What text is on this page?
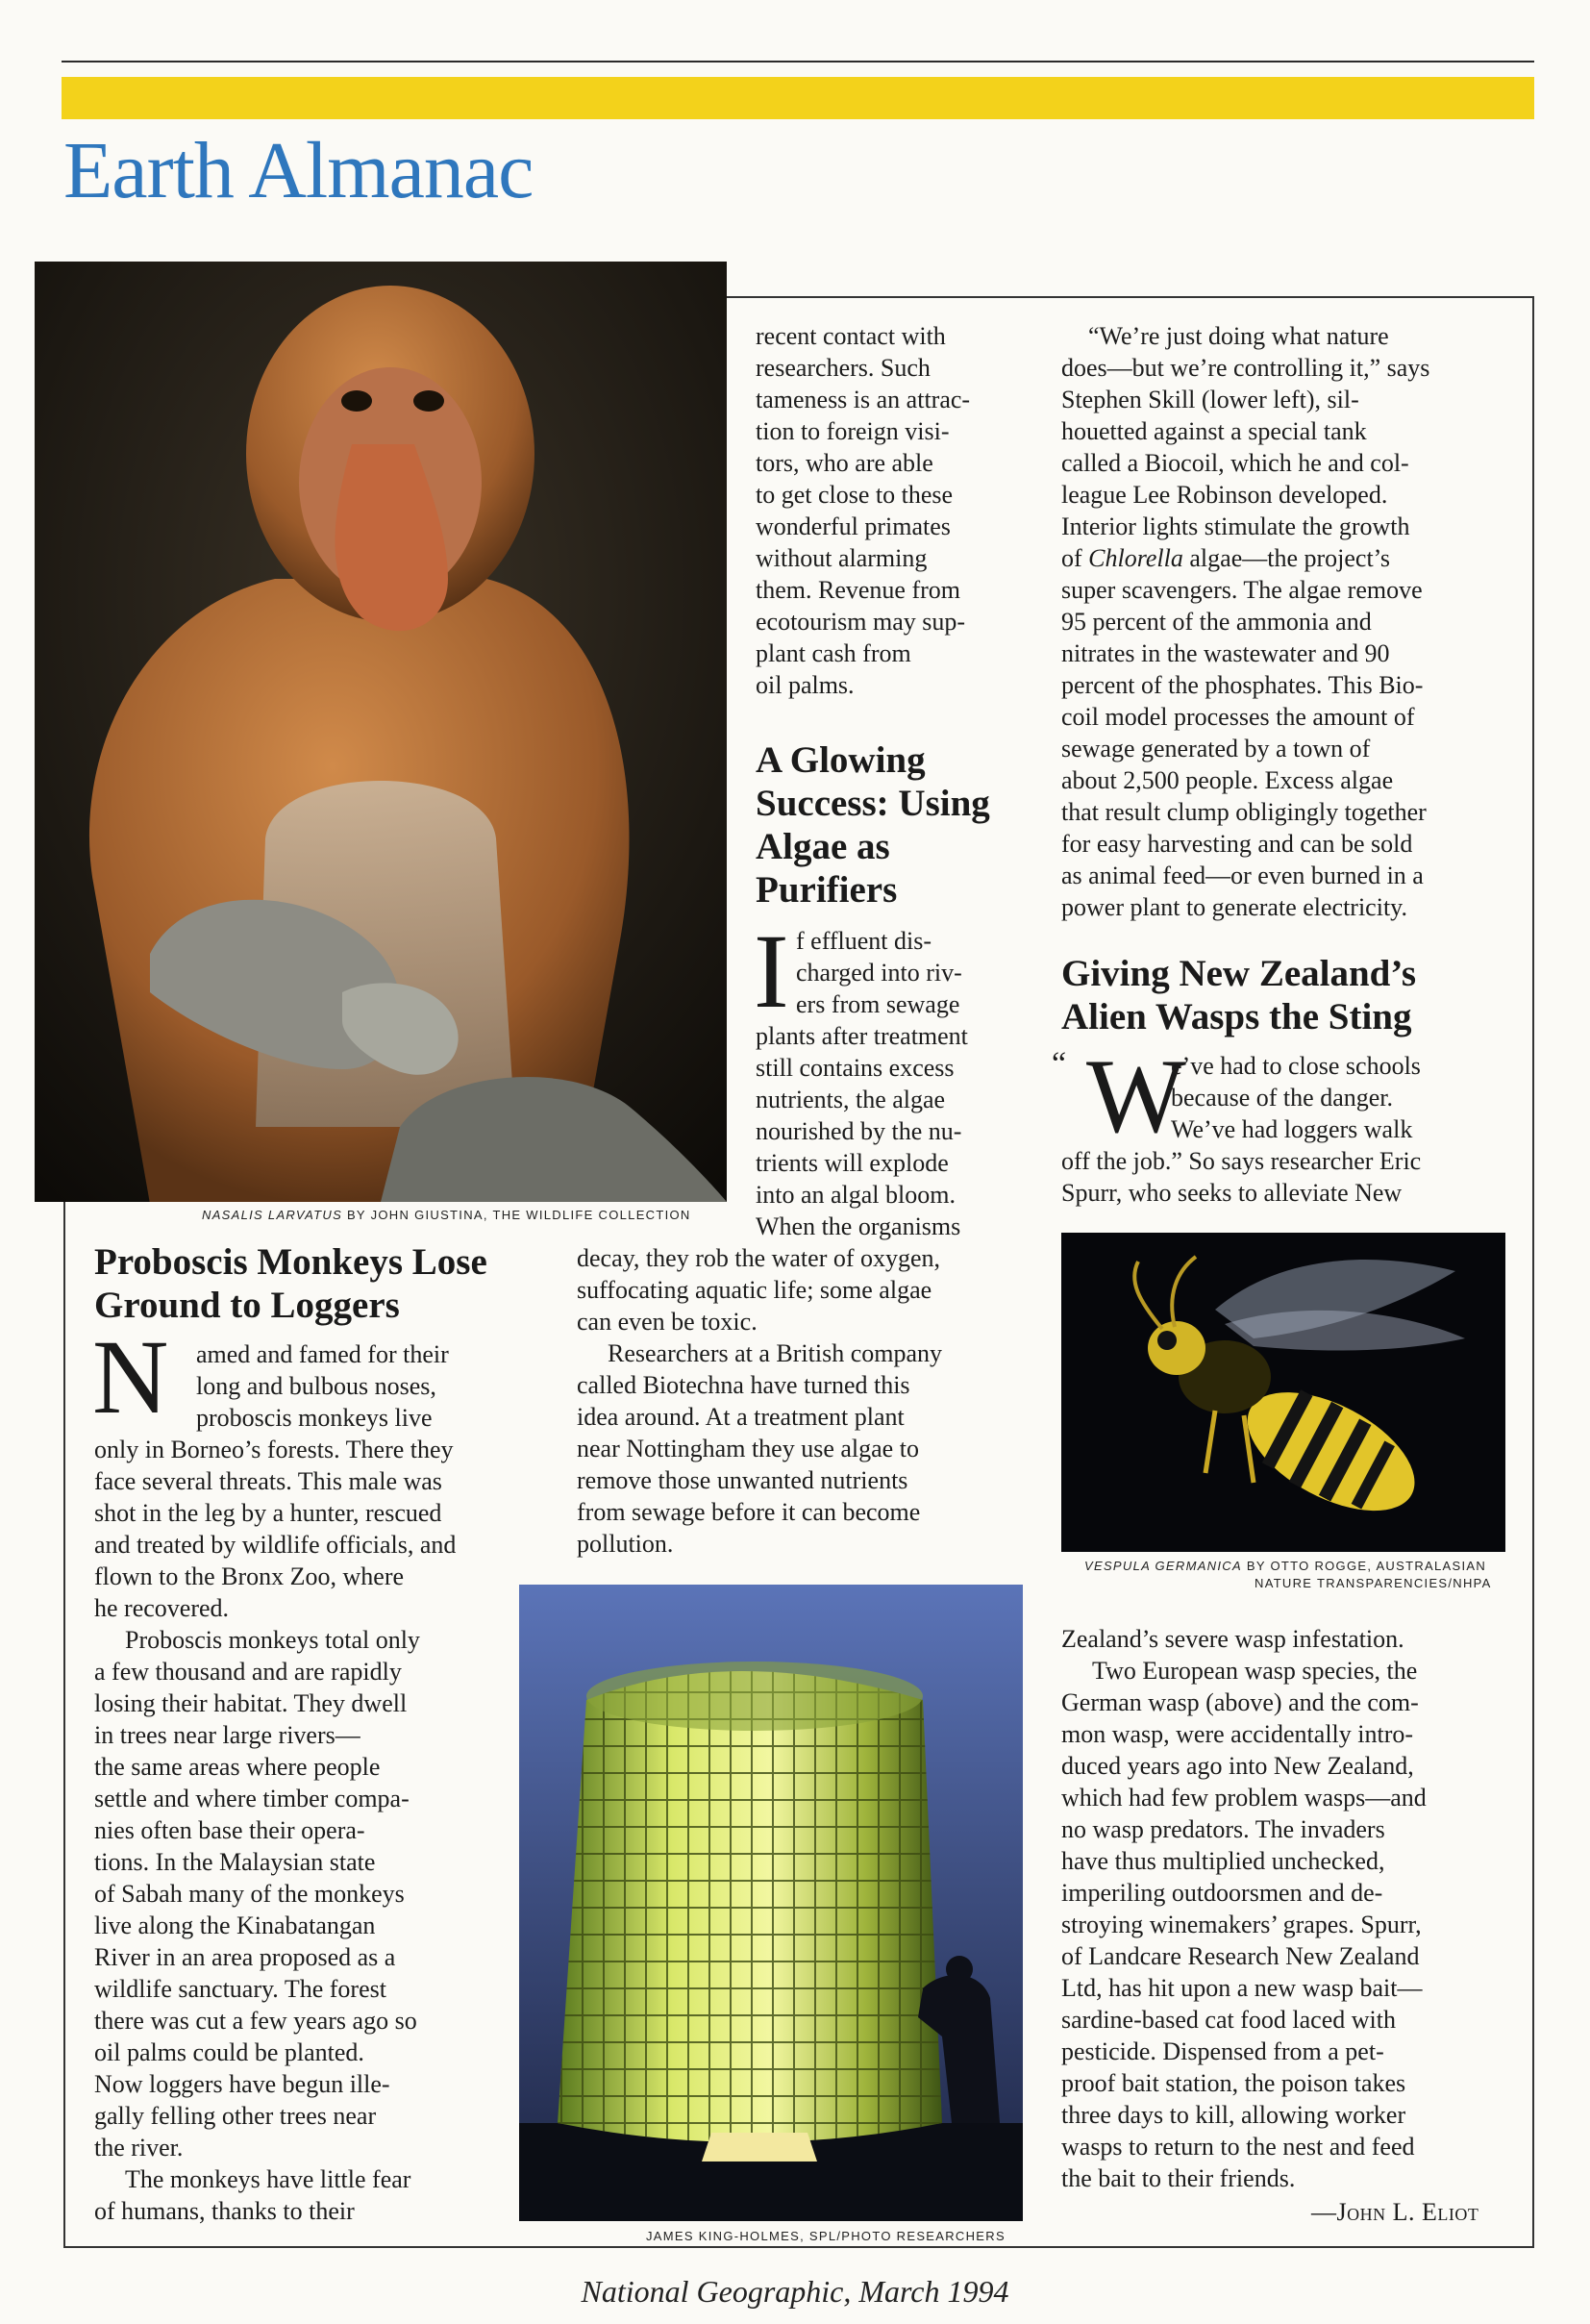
Earth Almanac
NASALIS LARVATUS BY JOHN GIUSTINA, THE WILDLIFE COLLECTION
JAMES KING-HOLMES, SPL/PHOTO RESEARCHERS
VESPULA GERMANICA BY OTTO ROGGE, AUSTRALASIAN
NATURE TRANSPARENCIES/NHPA
Proboscis Monkeys Lose
Ground to Loggers
N amed and famed for their
long and bulbous noses,
proboscis monkeys live
only in Borneo’s forests. There they
face several threats. This male was
shot in the leg by a hunter, rescued
and treated by wildlife officials, and
flown to the Bronx Zoo, where
he recovered.
Proboscis monkeys total only
a few thousand and are rapidly
losing their habitat. They dwell
in trees near large rivers—
the same areas where people
settle and where timber compa-
nies often base their opera-
tions. In the Malaysian state
of Sabah many of the monkeys
live along the Kinabatangan
River in an area proposed as a
wildlife sanctuary. The forest
there was cut a few years ago so
oil palms could be planted.
Now loggers have begun ille-
gally felling other trees near
the river.
The monkeys have little fear
of humans, thanks to their
recent contact with
researchers. Such
tameness is an attrac-
tion to foreign visi-
tors, who are able
to get close to these
wonderful primates
without alarming
them. Revenue from
ecotourism may sup-
plant cash from
oil palms.
A Glowing
Success: Using
Algae as
Purifiers
I f effluent dis-
charged into riv-
ers from sewage
plants after treatment
still contains excess
nutrients, the algae
nourished by the nu-
trients will explode
into an algal bloom.
When the organisms
decay, they rob the water of oxygen,
suffocating aquatic life; some algae
can even be toxic.
Researchers at a British company
called Biotechna have turned this
idea around. At a treatment plant
near Nottingham they use algae to
remove those unwanted nutrients
from sewage before it can become
pollution.
“We’re just doing what nature
does—but we’re controlling it,” says
Stephen Skill (lower left), sil-
houetted against a special tank
called a Biocoil, which he and col-
league Lee Robinson developed.
Interior lights stimulate the growth
of Chlorella algae—the project’s
super scavengers. The algae remove
95 percent of the ammonia and
nitrates in the wastewater and 90
percent of the phosphates. This Bio-
coil model processes the amount of
sewage generated by a town of
about 2,500 people. Excess algae
that result clump obligingly together
for easy harvesting and can be sold
as animal feed—or even burned in a
power plant to generate electricity.
Giving New Zealand’s
Alien Wasps the Sting
“ W
e’ve had to close schools
because of the danger.
We’ve had loggers walk
off the job.” So says researcher Eric
Spurr, who seeks to alleviate New
Zealand’s severe wasp infestation.
Two European wasp species, the
German wasp (above) and the com-
mon wasp, were accidentally intro-
duced years ago into New Zealand,
which had few problem wasps—and
no wasp predators. The invaders
have thus multiplied unchecked,
imperiling outdoorsmen and de-
stroying winemakers’ grapes. Spurr,
of Landcare Research New Zealand
Ltd, has hit upon a new wasp bait—
sardine-based cat food laced with
pesticide. Dispensed from a pet-
proof bait station, the poison takes
three days to kill, allowing worker
wasps to return to the nest and feed
the bait to their friends.
—John L. Eliot
National Geographic, March 1994
